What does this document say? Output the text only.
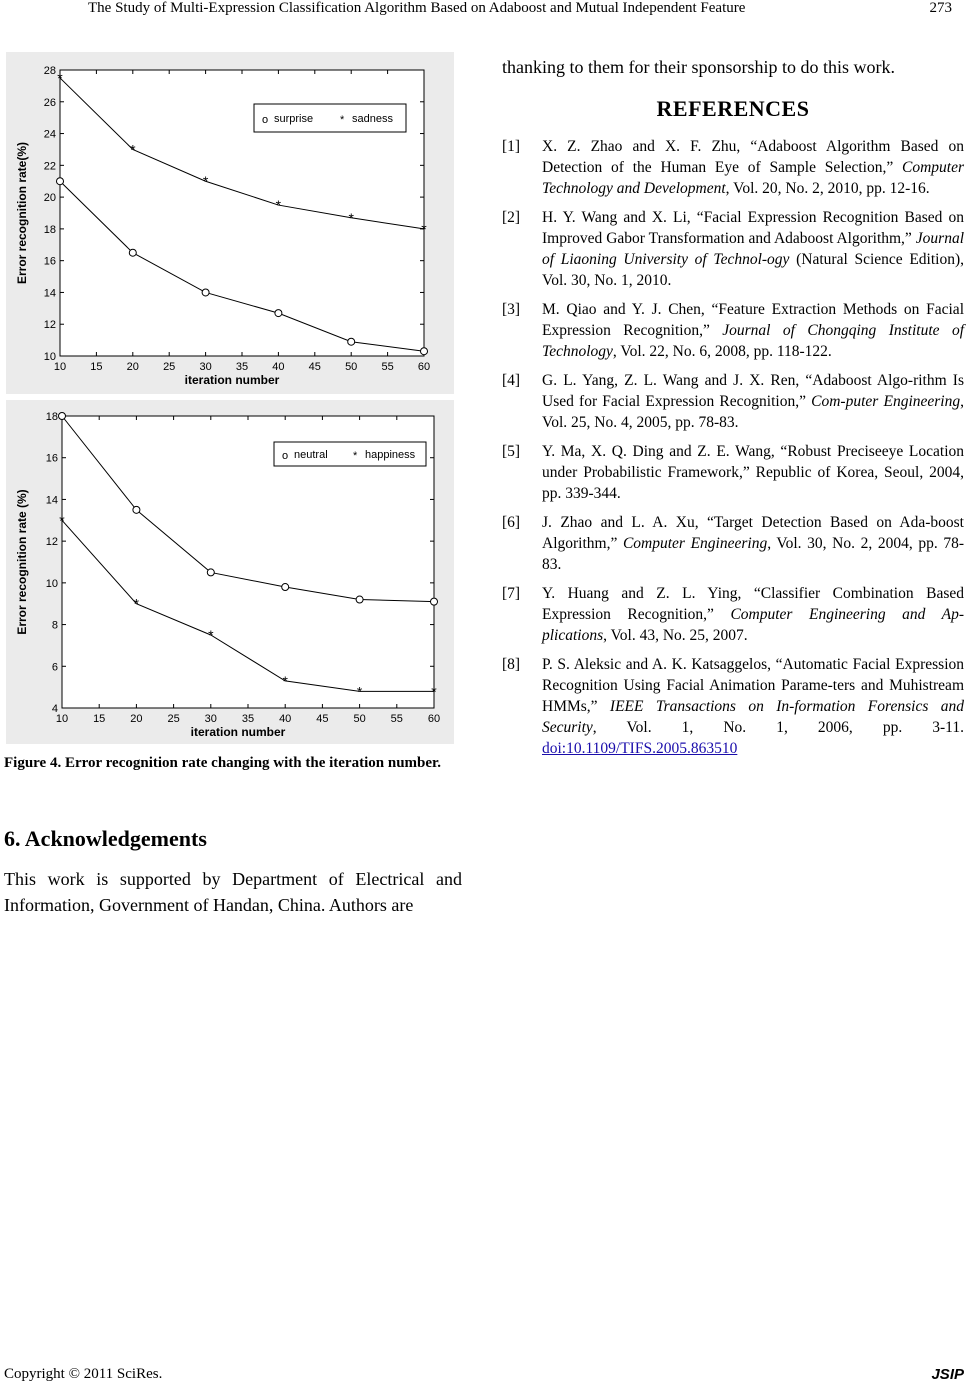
The Study of Multi-Expression Classification Algorithm Based on Adaboost and Mutual Independent Feature	273
10 15 20 25 30 35 40 45 50 55 60
10
12
14
16
18
20
22
24
26
28
iteration number
Error recognition rate(%)
*
*
*
*
*
*
o surprise * sadness
10 15 20 25 30 35 40 45 50 55 60
4
6
8
10
12
14
16
18
iteration number
Error recognition rate (%) *
*
*
*
*	*
o neutral * happiness
Figure 4. Error recognition rate changing with the iteration number.
6. Acknowledgements
This work is supported by Department of Electrical and Information, Government of Handan, China. Authors are
thanking to them for their sponsorship to do this work.
REFERENCES
[1] X. Z. Zhao and X. F. Zhu, “Adaboost Algorithm Based on Detection of the Human Eye of Sample Selection,” Computer Technology and Development, Vol. 20, No. 2, 2010, pp. 12-16.
[2] H. Y. Wang and X. Li, “Facial Expression Recognition Based on Improved Gabor Transformation and Adaboost Algorithm,” Journal of Liaoning University of Technol-ogy (Natural Science Edition), Vol. 30, No. 1, 2010.
[3] M. Qiao and Y. J. Chen, “Feature Extraction Methods on Facial Expression Recognition,” Journal of Chongqing Institute of Technology, Vol. 22, No. 6, 2008, pp. 118-122.
[4] G. L. Yang, Z. L. Wang and J. X. Ren, “Adaboost Algo-rithm Is Used for Facial Expression Recognition,” Com-puter Engineering, Vol. 25, No. 4, 2005, pp. 78-83.
[5] Y. Ma, X. Q. Ding and Z. E. Wang, “Robust Preciseeye Location under Probabilistic Framework,” Republic of Korea, Seoul, 2004, pp. 339-344.
[6] J. Zhao and L. A. Xu, “Target Detection Based on Ada-boost Algorithm,” Computer Engineering, Vol. 30, No. 2, 2004, pp. 78-83.
[7] Y. Huang and Z. L. Ying, “Classifier Combination Based Expression Recognition,” Computer Engineering and Ap-plications, Vol. 43, No. 25, 2007.
[8] P. S. Aleksic and A. K. Katsaggelos, “Automatic Facial Expression Recognition Using Facial Animation Parame-ters and Muhistream HMMs,” IEEE Transactions on In-formation Forensics and Security, Vol. 1, No. 1, 2006, pp. 3-11. doi:10.1109/TIFS.2005.863510
Copyright © 2011 SciRes.	JSIP
